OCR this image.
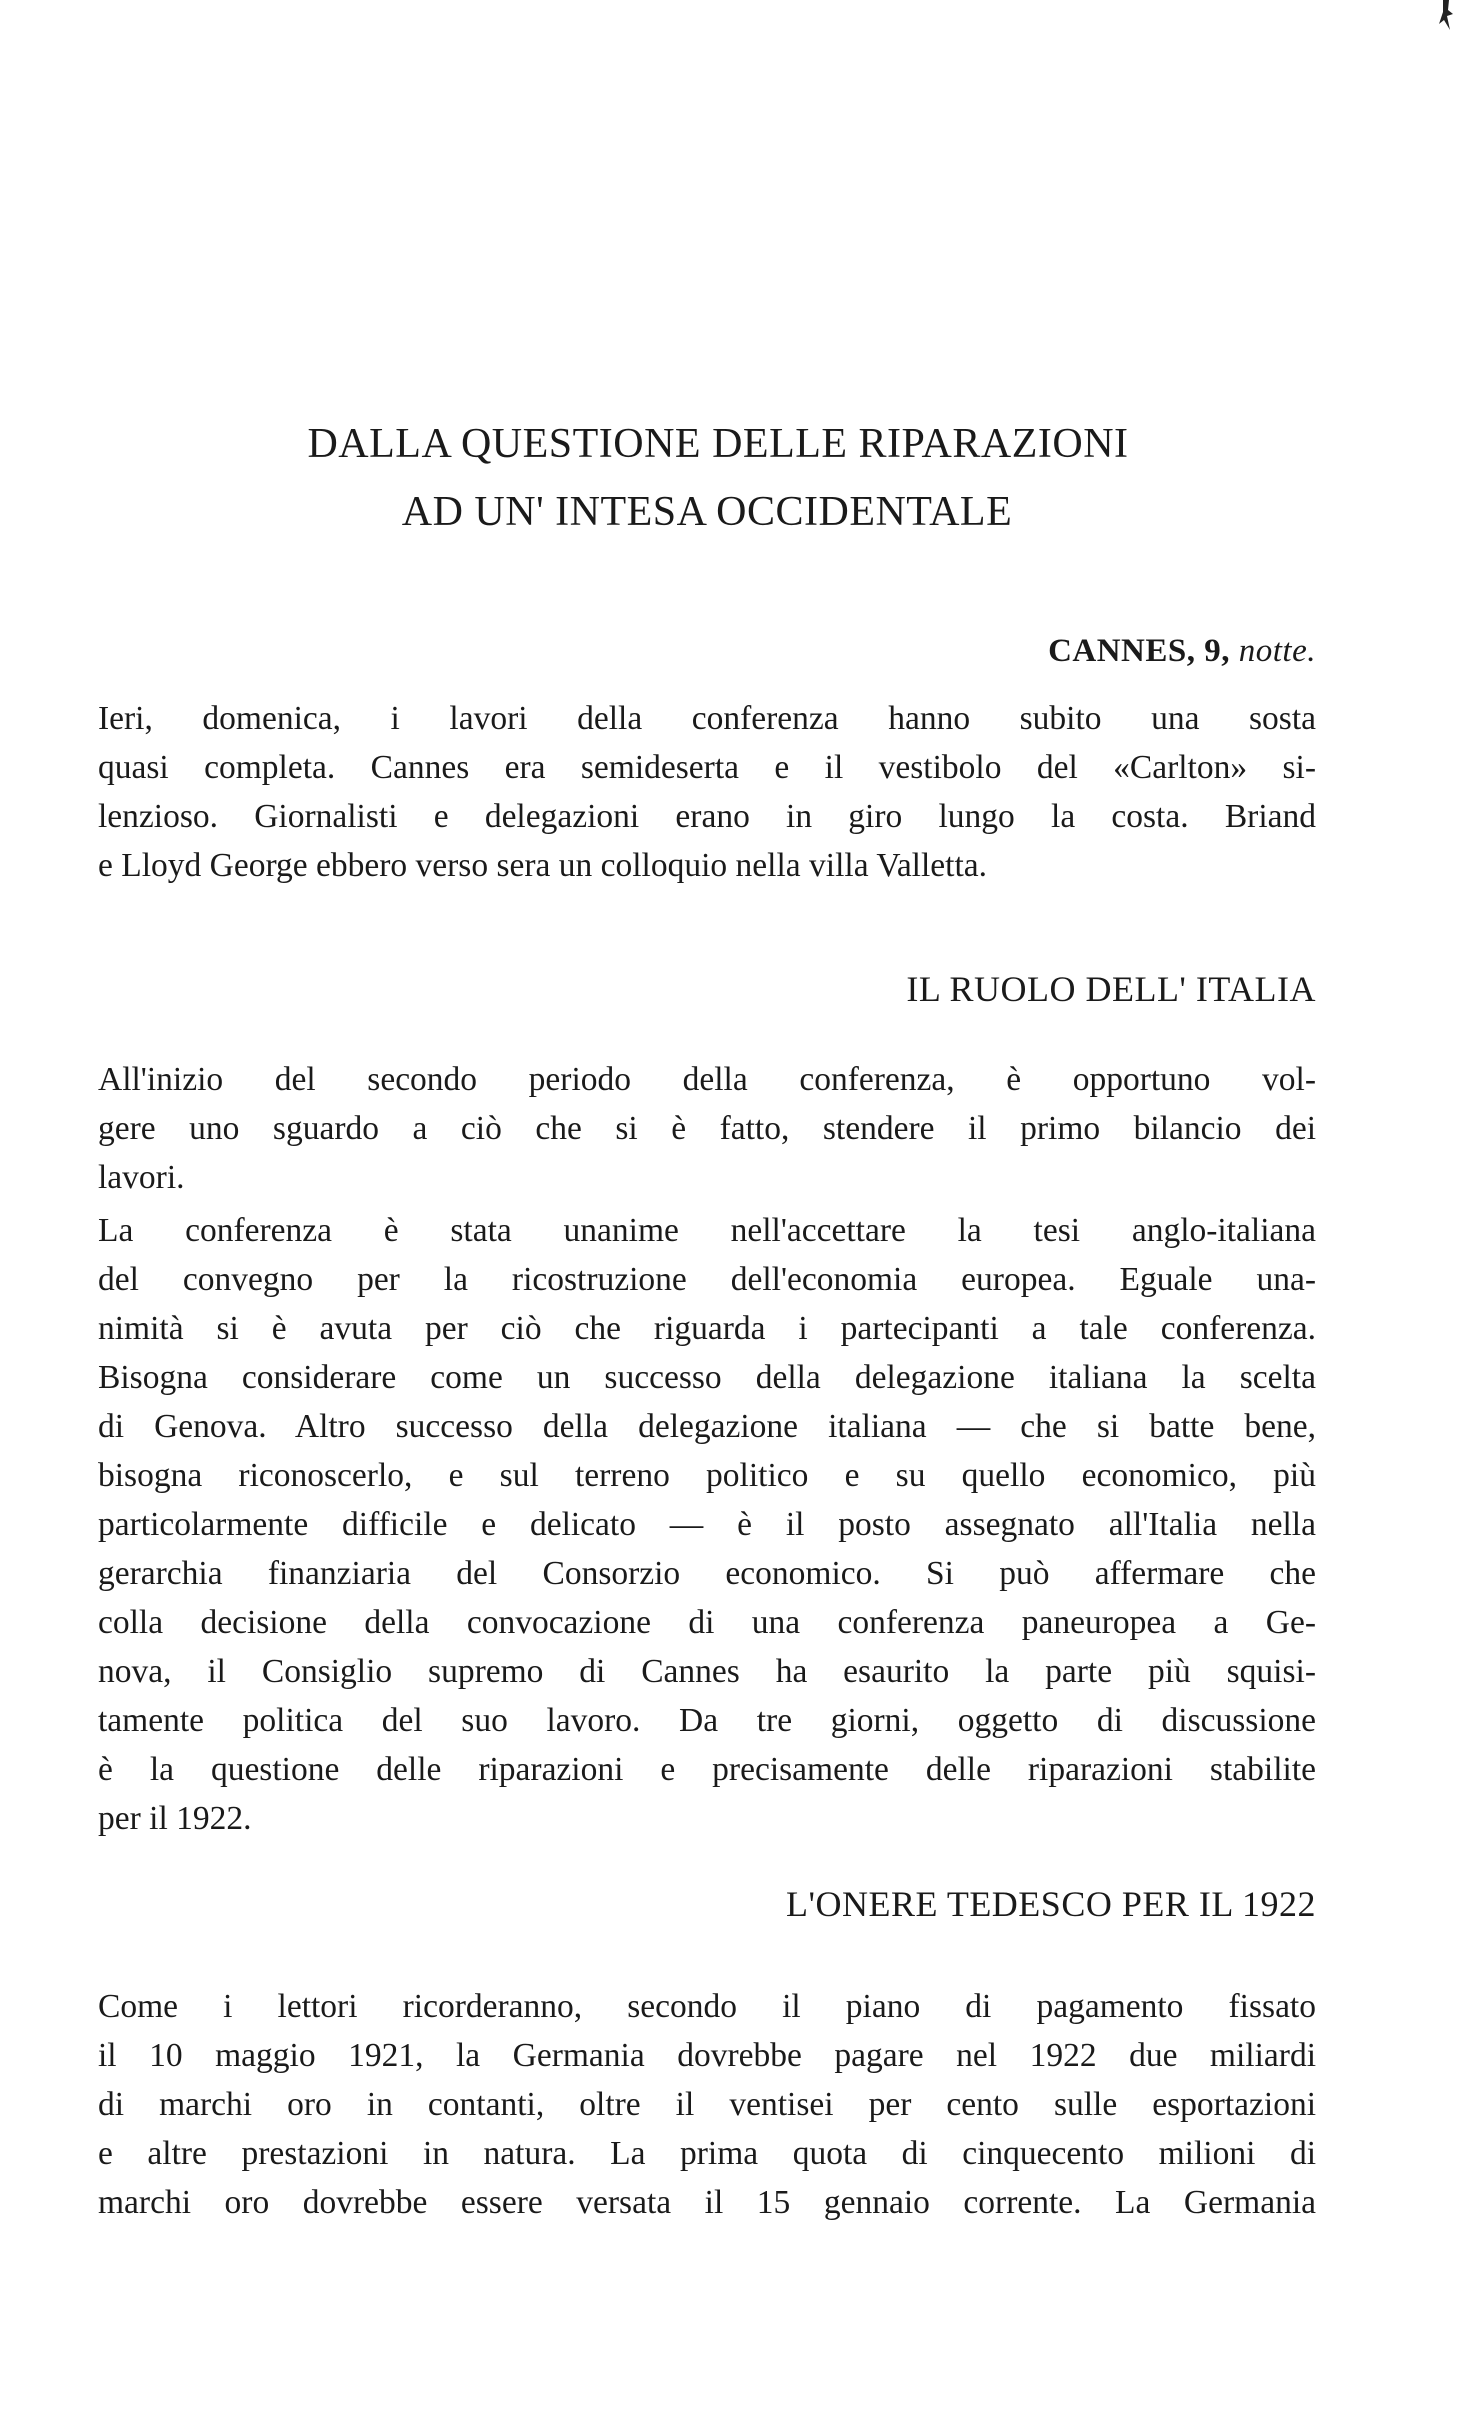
DALLA QUESTIONE DELLE RIPARAZIONI
AD UN' INTESA OCCIDENTALE
CANNES, 9, notte.

Ieri, domenica, i lavori della conferenza hanno subito una sosta
quasi completa. Cannes era semideserta e il vestibolo del «Carlton» si-
lenzioso. Giornalisti e delegazioni erano in giro lungo la costa. Briand
e Lloyd George ebbero verso sera un colloquio nella villa Valletta.

IL RUOLO DELL' ITALIA

All'inizio del secondo periodo della conferenza, è opportuno vol-
gere uno sguardo a ciò che si è fatto, stendere il primo bilancio dei
lavori.

La conferenza è stata unanime nell'accettare la tesi anglo-italiana
del convegno per la ricostruzione dell'economia europea. Eguale una-
nimità si è avuta per ciò che riguarda i partecipanti a tale conferenza.
Bisogna considerare come un successo della delegazione italiana la scelta
di Genova. Altro successo della delegazione italiana — che si batte bene,
bisogna riconoscerlo, e sul terreno politico e su quello economico, più
particolarmente difficile e delicato — è il posto assegnato all'Italia nella
gerarchia finanziaria del Consorzio economico. Si può affermare che
colla decisione della convocazione di una conferenza paneuropea a Ge-
nova, il Consiglio supremo di Cannes ha esaurito la parte più squisi-
tamente politica del suo lavoro. Da tre giorni, oggetto di discussione
è la questione delle riparazioni e precisamente delle riparazioni stabilite
per il 1922.

L'ONERE TEDESCO PER IL 1922

Come i lettori ricorderanno, secondo il piano di pagamento fissato
il 10 maggio 1921, la Germania dovrebbe pagare nel 1922 due miliardi
di marchi oro in contanti, oltre il ventisei per cento sulle esportazioni
e altre prestazioni in natura. La prima quota di cinquecento milioni di
marchi oro dovrebbe essere versata il 15 gennaio corrente. La Germania
